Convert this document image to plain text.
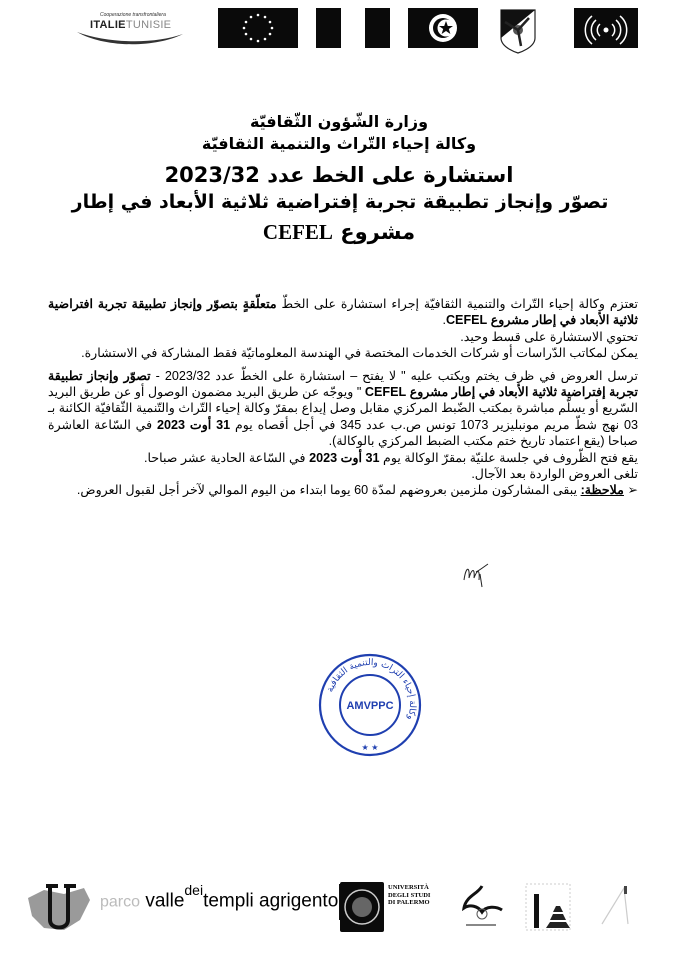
Cooperazione transfrontaliera
ITALIETUNISIE
وزارة الشّؤون الثّقافيّة
وكالة إحياء التّراث والتنمية الثقافيّة
استشارة على الخط عدد 2023/32
تصوّر وإنجاز تطبيقة تجربة إفتراضية ثلاثية الأبعاد في إطار
مشروع CEFEL

تعتزم وكالة إحياء التّراث والتنمية الثقافيّة إجراء استشارة على الخطّ متعلّقةٍ بتصوّر وإنجاز تطبيقة تجربة افتراضية ثلاثية الأبعاد في إطار مشروع CEFEL.

تحتوي الاستشارة على قسط وحيد.

يمكن لمكاتب الدّراسات أو شركات الخدمات المختصة في الهندسة المعلوماتيّة فقط المشاركة في الاستشارة.

ترسل العروض في ظرف يختم ويكتب عليه " لا يفتح – استشارة على الخطّ عدد 2023/32 - تصوّر وإنجاز تطبيقة تجربة إفتراضية ثلاثية الأبعاد في إطار مشروع CEFEL " ويوجّه عن طريق البريد مضمون الوصول أو عن طريق البريد السّريع أو يسلّم مباشرة بمكتب الضّبط المركزي مقابل وصل إيداع بمقرّ وكالة إحياء التّراث والتّنمية الثّقافيّة الكائنة بـ 03 نهج شطّ مريم مونبليزير 1073 تونس ص.ب عدد 345 في أجل أقصاه يوم 31 أوت 2023 في السّاعة العاشرة صباحا (يقع اعتماد تاريخ ختم مكتب الضبط المركزي بالوكالة).

يقع فتح الظّروف في جلسة علنيّة بمقرّ الوكالة يوم 31 أوت 2023 في السّاعة الحادية عشر صباحا.

تلغى العروض الواردة بعد الآجال.

➢ ملاحظة: يبقى المشاركون ملزمين بعروضهم لمدّة 60 يوما ابتداء من اليوم الموالي لآخر أجل لقبول العروض.

وكالة إحياء التراث والتنمية الثقافية
AMVPPC
★ ★
parco valle$^{dei}$templi agrigento
UNIVERSITÀ
DEGLI STUDI
DI PALERMO
